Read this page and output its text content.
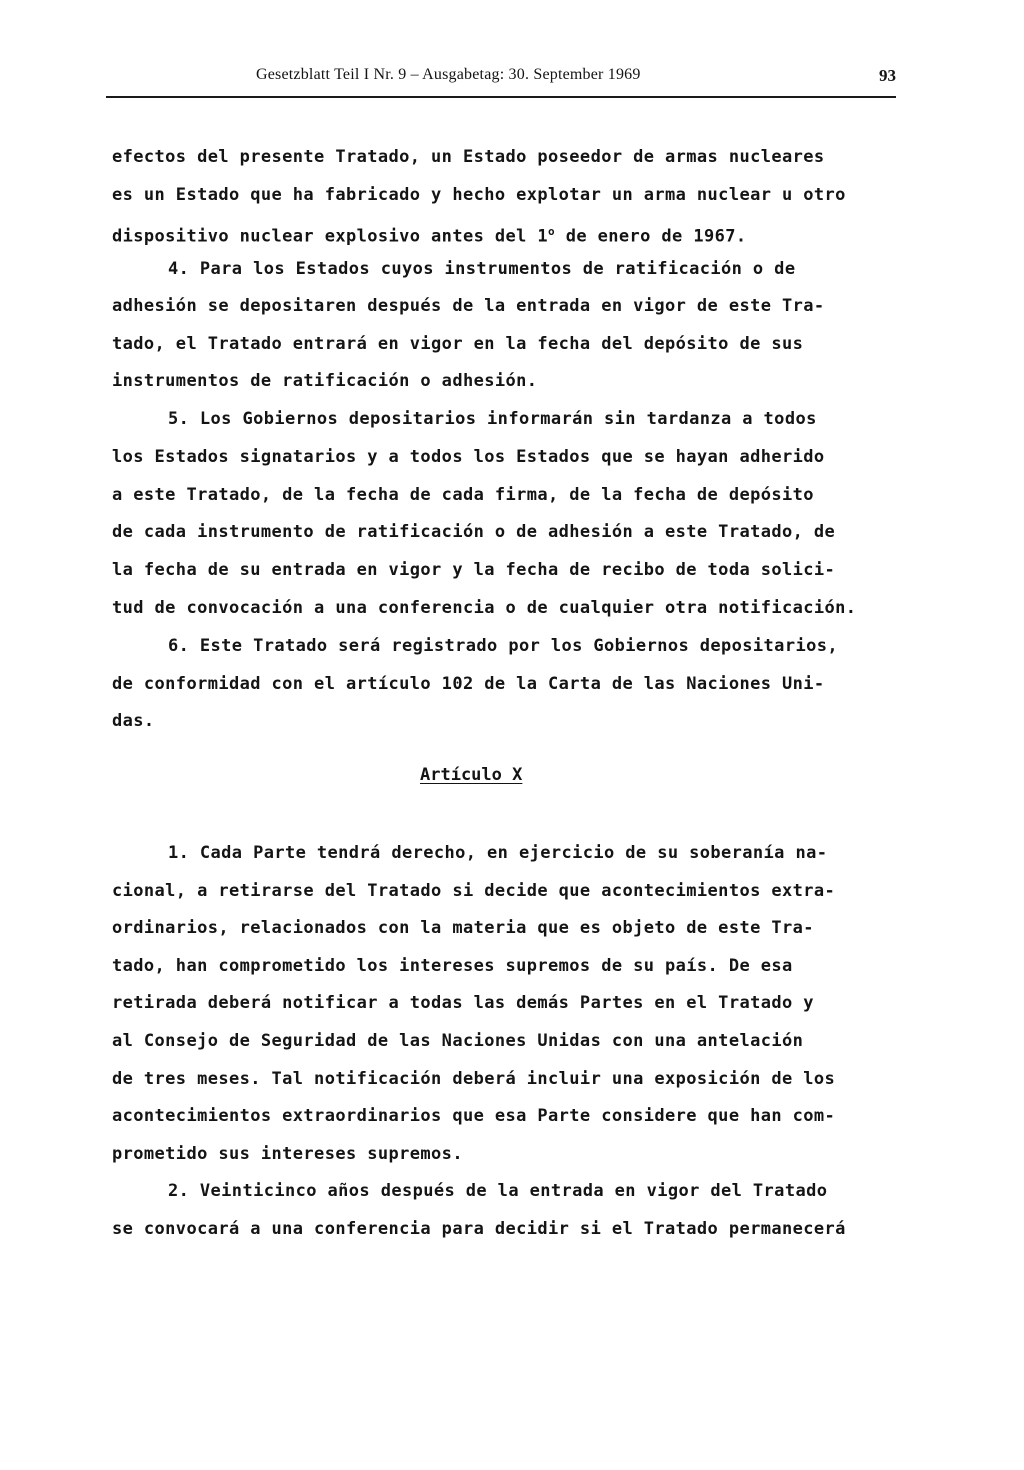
Gesetzblatt Teil I Nr. 9 – Ausgabetag: 30. September 1969	93
efectos del presente Tratado, un Estado poseedor de armas nucleares
es un Estado que ha fabricado y hecho explotar un arma nuclear u otro
dispositivo nuclear explosivo antes del 1$^o$ de enero de 1967.
4. Para los Estados cuyos instrumentos de ratificación o de
adhesión se depositaren después de la entrada en vigor de este Tra-
tado, el Tratado entrará en vigor en la fecha del depósito de sus
instrumentos de ratificación o adhesión.
5. Los Gobiernos depositarios informarán sin tardanza a todos
los Estados signatarios y a todos los Estados que se hayan adherido
a este Tratado, de la fecha de cada firma, de la fecha de depósito
de cada instrumento de ratificación o de adhesión a este Tratado, de
la fecha de su entrada en vigor y la fecha de recibo de toda solici-
tud de convocación a una conferencia o de cualquier otra notificación.
6. Este Tratado será registrado por los Gobiernos depositarios,
de conformidad con el artículo 102 de la Carta de las Naciones Uni-
das.
Artículo X
1. Cada Parte tendrá derecho, en ejercicio de su soberanía na-
cional, a retirarse del Tratado si decide que acontecimientos extra-
ordinarios, relacionados con la materia que es objeto de este Tra-
tado, han comprometido los intereses supremos de su país. De esa
retirada deberá notificar a todas las demás Partes en el Tratado y
al Consejo de Seguridad de las Naciones Unidas con una antelación
de tres meses. Tal notificación deberá incluir una exposición de los
acontecimientos extraordinarios que esa Parte considere que han com-
prometido sus intereses supremos.
2. Veinticinco años después de la entrada en vigor del Tratado
se convocará a una conferencia para decidir si el Tratado permanecerá
